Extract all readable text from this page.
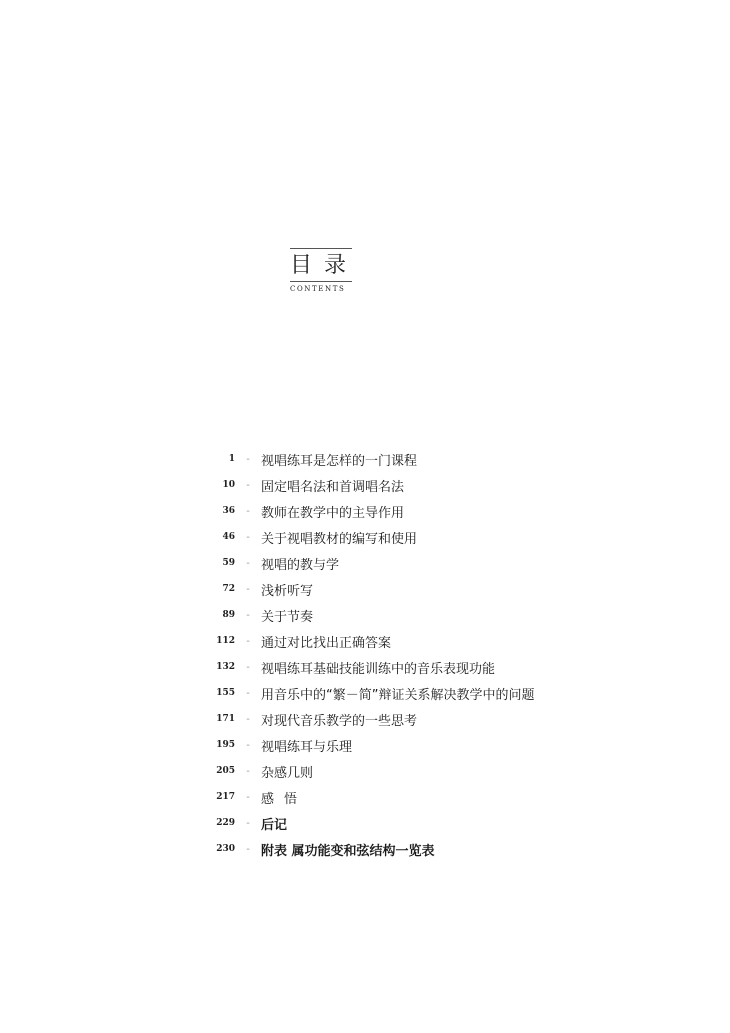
目录
CONTENTS
1	- 视唱练耳是怎样的一门课程
10	- 固定唱名法和首调唱名法
36	- 教师在教学中的主导作用
46	- 关于视唱教材的编写和使用
59	- 视唱的教与学
72	- 浅析听写
89	- 关于节奏
112	- 通过对比找出正确答案
132	- 视唱练耳基础技能训练中的音乐表现功能
155	- 用音乐中的“繁－简”辩证关系解决教学中的问题
171	- 对现代音乐教学的一些思考
195	- 视唱练耳与乐理
205	- 杂感几则
217	- 感悟
229	- 后记
230	- 附表 属功能变和弦结构一览表
